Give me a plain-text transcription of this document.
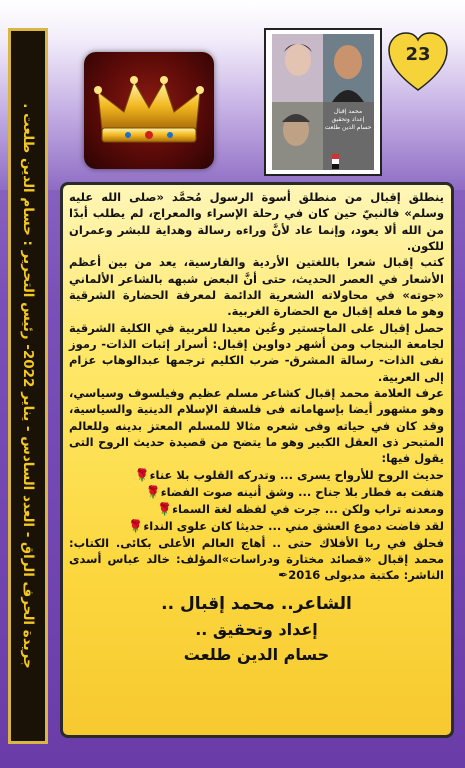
جريدة الحرف الراق - العدد السادس - يناير 2022- رئيس التحرير : حسام الدين طلعت .
محمد إقبال
إعداد وتحقيق
حسام الدين طلعت
23

ينطلق إقبال من منطلق أسوة الرسول مُحمَّد «صلى الله عليه وسلم» فالنبيّ حين كان في رحلة الإسراء والمعراج، لم يطلب أبدًا من الله ألا يعود، وإنما عاد لأنَّ وراءه رسالة وهداية للبشر وعمران للكون.

كتب إقبال شعرا باللغتين الأردية والفارسية، يعد من بين أعظم الأشعار في العصر الحديث، حتى أنَّ البعض شبهه بالشاعر الألماني «جوته» في محاولاته الشعرية الدائمة لمعرفة الحضارة الشرقية وهو ما فعله إقبال مع الحضارة الغربية.

حصل إقبال على الماجستير وعُين معيدا للعربية في الكلية الشرقية لجامعة البنجاب ومن أشهر دواوين إقبال: أسرار إثبات الذات- رموز نفى الذات- رسالة المشرق- ضرب الكليم ترجمها عبدالوهاب عزام إلى العربية.

عرف العلامة محمد إقبال كشاعر مسلم عظيم وفيلسوف وسياسي، وهو مشهور أيضا بإسهاماته فى فلسفة الإسلام الدينية والسياسية، وقد كان في حياته وفى شعره مثالا للمسلم المعتز بدينه وللعالم المتبحر ذى العقل الكبير وهو ما يتضح من قصيدة حديث الروح التى يقول فيها:

حديث الروح للأرواح يسرى ... وتدركه القلوب بلا عناء🌹

هتفت به فطار بلا جناح ... وشق أنينه صوت الفضاء🌹

ومعدنه تراب ولكن ... جرت في لفظه لغة السماء🌹

لقد فاضت دموع العشق مني ... حديثا كان علوى النداء🌹

فحلق في ربا الأفلاك حتى .. أهاج العالم الأعلى بكائى. الكتاب: محمد إقبال «قصائد مختارة ودراسات»المؤلف: خالد عباس أسدى الناشر: مكتبة مدبولى 2016✒

الشاعر.. محمد إقبال ..

إعداد وتحقيق ..

حسام الدين طلعت
